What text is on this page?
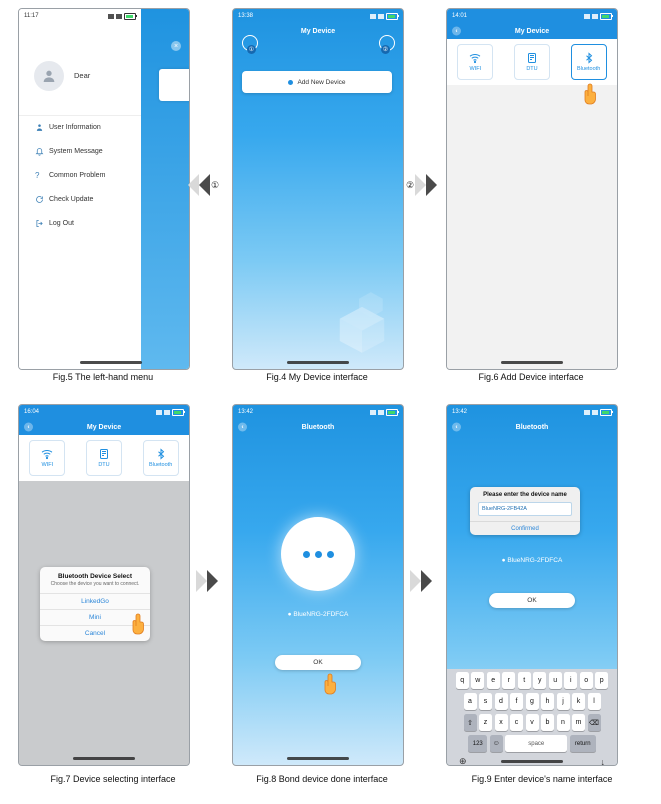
11:17
Dear
User Information
System Message
?	Common Problem
Check Update
Log Out
×
Fig.5 The left-hand menu
13:38
My Device
①	②
Add New Device
Fig.4 My Device interface
14:01
‹	My Device
WIFI	DTU	Bluetooth
Fig.6 Add Device interface
16:04
‹	My Device
WIFI	DTU	Bluetooth
Bluetooth Device Select

Choose the device you want to connect.

LinkedGo
Mini
Cancel
Fig.7 Device selecting interface
13:42
‹	Bluetooth
● BlueNRG-2FDFCA
OK
Fig.8 Bond device done interface
13:42
‹	Bluetooth
Please enter the device name
BlueNRG-2FB42A
Confirmed
● BlueNRG-2FDFCA
OK
q	w	e	r	t	y	u	i	o	p
a	s	d	f	g	h	j	k	l
⇧	z	x	c	v	b	n	m	⌫
123	☺	space	return
⊕	↓
Fig.9 Enter device's name interface
①	②
